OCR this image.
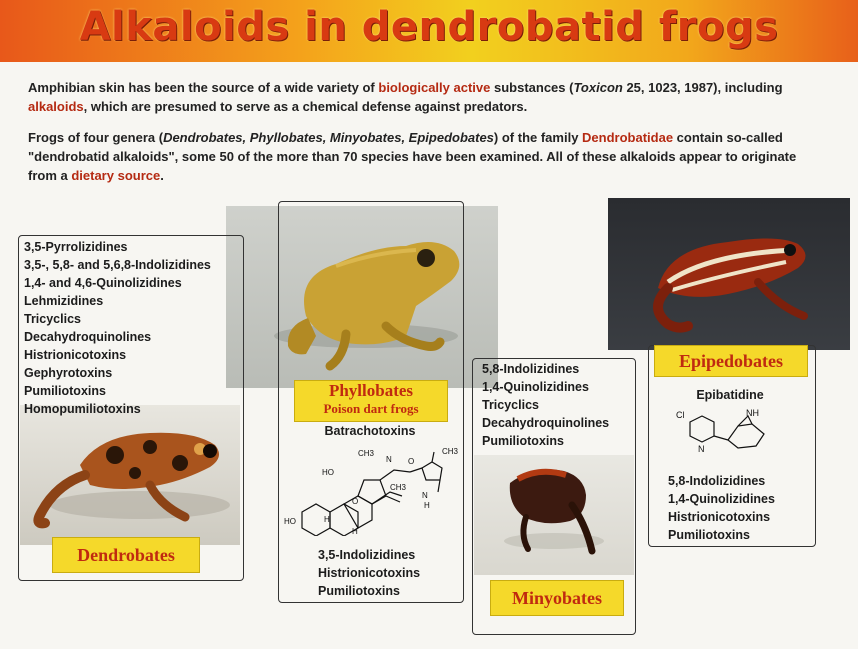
Alkaloids in dendrobatid frogs

Amphibian skin has been the source of a wide variety of biologically active substances (Toxicon 25, 1023, 1987), including alkaloids, which are presumed to serve as a chemical defense against predators.

Frogs of four genera (Dendrobates, Phyllobates, Minyobates, Epipedobates) of the family Dendrobatidae contain so-called "dendrobatid alkaloids", some 50 of the more than 70 species have been examined. All of these alkaloids appear to originate from a dietary source.

3,5-Pyrrolizidines
3,5-, 5,8- and 5,6,8-Indolizidines
1,4- and 4,6-Quinolizidines
Lehmizidines
Tricyclics
Decahydroquinolines
Histrionicotoxins
Gephyrotoxins
Pumiliotoxins
Homopumiliotoxins
Dendrobates
Phyllobates
Poison dart frogs
Batrachotoxins
HO
HO	H
H
O
CH3
CH3
N
H
CH3
O
N
3,5-Indolizidines
Histrionicotoxins
Pumiliotoxins
5,8-Indolizidines
1,4-Quinolizidines
Tricyclics
Decahydroquinolines
Pumiliotoxins
Minyobates
Epipedobates
Epibatidine
Cl
N
NH
5,8-Indolizidines
1,4-Quinolizidines
Histrionicotoxins
Pumiliotoxins
